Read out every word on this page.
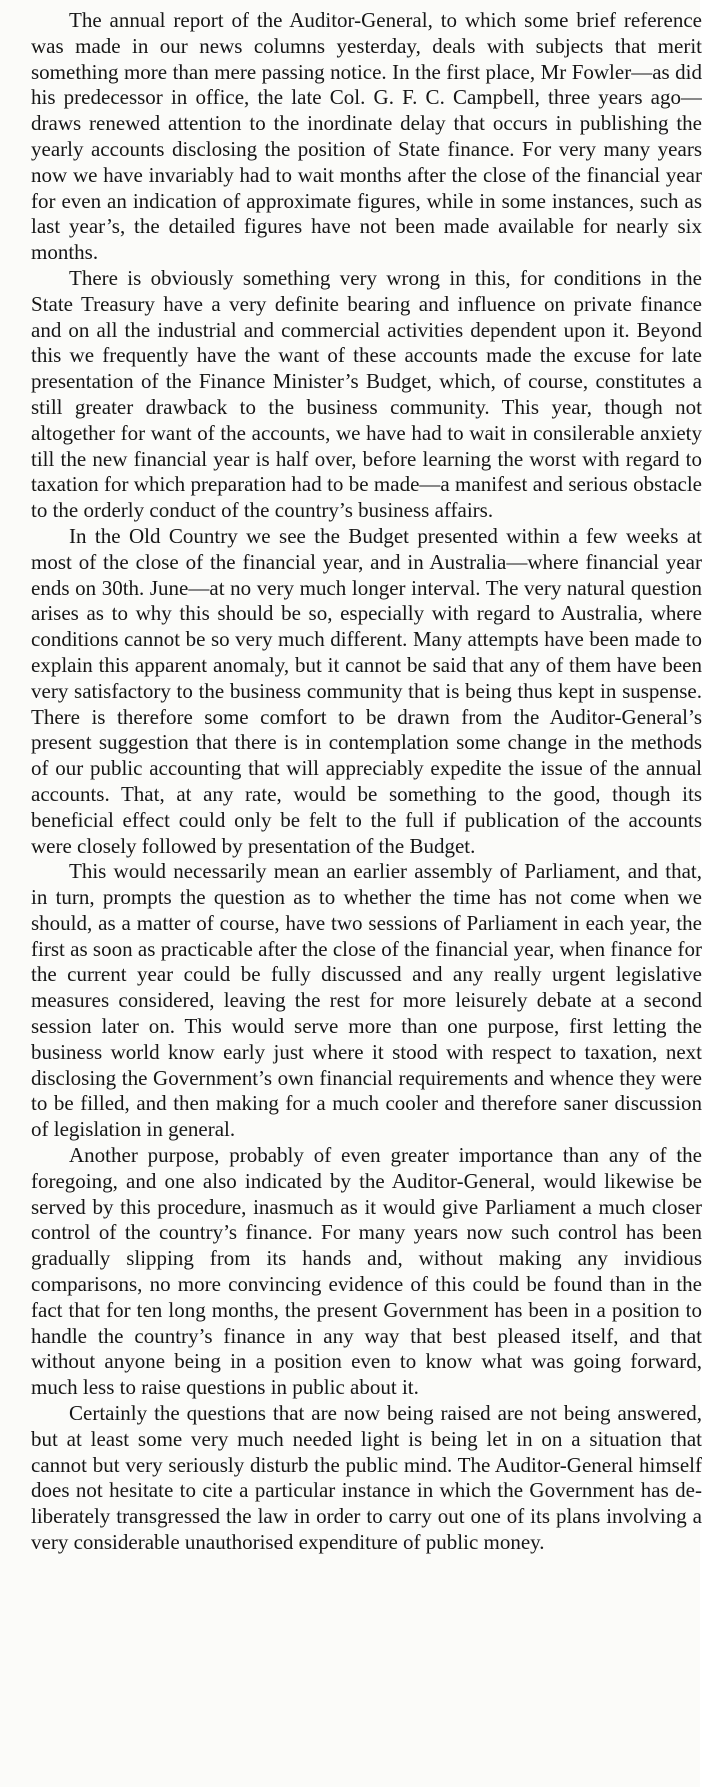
The annual report of the Auditor-General, to which some brief reference was made in our news columns yesterday, deals with subjects that merit something more than mere passing notice. In the first place, Mr Fowler—as did his predecessor in office, the late Col. G. F. C. Campbell, three years ago—draws renewed attention to the inordinate delay that occurs in publishing the yearly accounts disclosing the position of State finance. For very many years now we have invariably had to wait months after the close of the financial year for even an indication of approximate figures, while in some instances, such as last year’s, the detailed figures have not been made available for nearly six months.

There is obviously something very wrong in this, for conditions in the State Treasury have a very definite bearing and influence on private finance and on all the industrial and commercial activities dependent upon it. Beyond this we frequently have the want of these accounts made the excuse for late presentation of the Finance Minister’s Budget, which, of course, constitutes a still greater drawback to the business community. This year, though not altogether for want of the accounts, we have had to wait in consilerable anxiety till the new financial year is half over, before learning the worst with regard to taxation for which preparation had to be made—a manifest and serious obstacle to the orderly conduct of the country’s business affairs.

In the Old Country we see the Budget presented within a few weeks at most of the close of the financial year, and in Australia—where financial year ends on 30th. June—at no very much longer interval. The very natural question arises as to why this should be so, especially with regard to Australia, where conditions cannot be so very much different. Many attempts have been made to explain this apparent anomaly, but it cannot be said that any of them have been very satisfactory to the business community that is being thus kept in suspense. There is therefore some comfort to be drawn from the Auditor-General’s present suggestion that there is in contemplation some change in the methods of our public accounting that will appreciably expedite the issue of the annual accounts. That, at any rate, would be something to the good, though its beneficial effect could only be felt to the full if publication of the accounts were closely followed by presentation of the Budget.

This would necessarily mean an earlier assembly of Parliament, and that, in turn, prompts the question as to whether the time has not come when we should, as a matter of course, have two sessions of Parliament in each year, the first as soon as practicable after the close of the financial year, when finance for the current year could be fully discussed and any really urgent legislative measures considered, leaving the rest for more leisurely debate at a second session later on. This would serve more than one purpose, first letting the business world know early just where it stood with respect to taxation, next disclosing the Government’s own financial requirements and whence they were to be filled, and then making for a much cooler and therefore saner discussion of legislation in general.

Another purpose, probably of even greater importance than any of the foregoing, and one also indicated by the Auditor-General, would likewise be served by this procedure, inasmuch as it would give Parliament a much closer control of the country’s finance. For many years now such control has been gradually slipping from its hands and, without making any invidious comparisons, no more convincing evidence of this could be found than in the fact that for ten long months, the present Government has been in a position to handle the country’s finance in any way that best pleased itself, and that without anyone being in a position even to know what was going forward, much less to raise questions in public about it.

Certainly the questions that are now being raised are not being answered, but at least some very much needed light is being let in on a situation that cannot but very seriously disturb the public mind. The Auditor-General himself does not hesitate to cite a particular instance in which the Government has deliberately transgressed the law in order to carry out one of its plans involving a very considerable unauthorised expenditure of public money.
